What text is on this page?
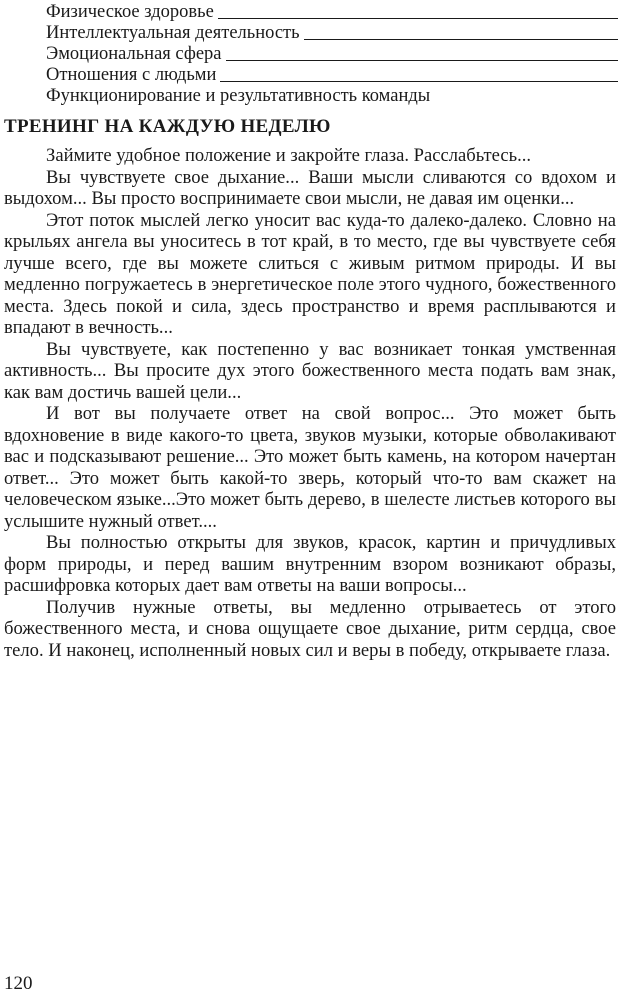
Физическое здоровье
Интеллектуальная деятельность
Эмоциональная сфера
Отношения с людьми
Функционирование и результативность команды
ТРЕНИНГ НА КАЖДУЮ НЕДЕЛЮ

Займите удобное положение и закройте глаза. Расслабьтесь...

Вы чувствуете свое дыхание... Ваши мысли сливаются со вдохом и выдохом... Вы просто воспринимаете свои мысли, не давая им оценки...

Этот поток мыслей легко уносит вас куда-то далеко-далеко. Словно на крыльях ангела вы уноситесь в тот край, в то место, где вы чувствуете себя лучше всего, где вы можете слиться с живым ритмом природы. И вы медленно погружаетесь в энергетическое поле этого чудного, божественного места. Здесь покой и сила, здесь пространство и время расплываются и впадают в вечность...

Вы чувствуете, как постепенно у вас возникает тонкая умственная активность... Вы просите дух этого божественного места подать вам знак, как вам достичь вашей цели...

И вот вы получаете ответ на свой вопрос... Это может быть вдохновение в виде какого-то цвета, звуков музыки, которые обволакивают вас и подсказывают решение... Это может быть камень, на котором начертан ответ... Это может быть какой-то зверь, который что-то вам скажет на человеческом языке...Это может быть дерево, в шелесте листьев которого вы услышите нужный ответ....

Вы полностью открыты для звуков, красок, картин и причудливых форм природы, и перед вашим внутренним взором возникают образы, расшифровка которых дает вам ответы на ваши вопросы...

Получив нужные ответы, вы медленно отрываетесь от этого божественного места, и снова ощущаете свое дыхание, ритм сердца, свое тело. И наконец, исполненный новых сил и веры в победу, открываете глаза.

120
